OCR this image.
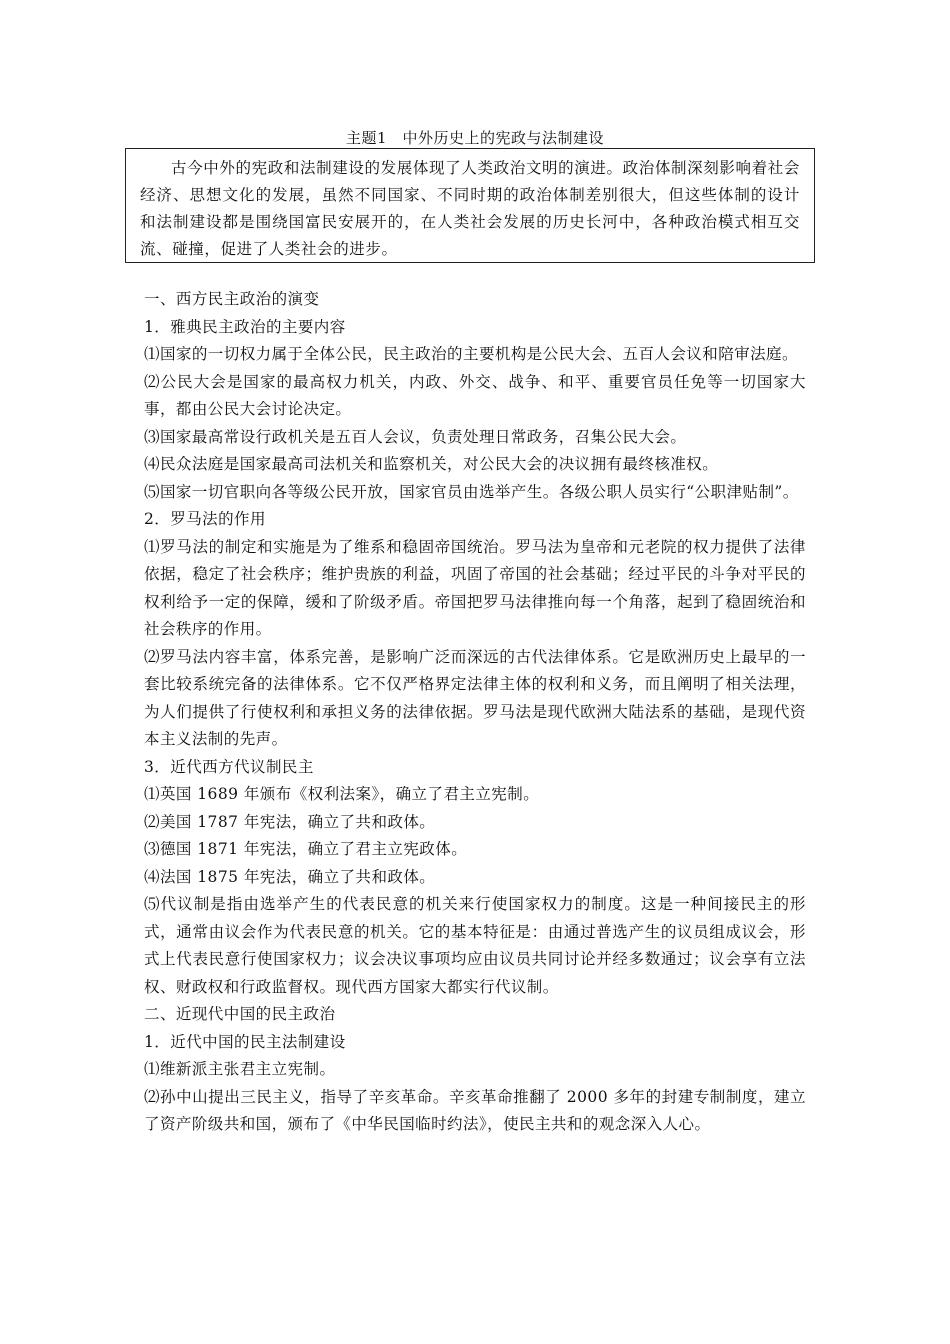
主题1　中外历史上的宪政与法制建设
古今中外的宪政和法制建设的发展体现了人类政治文明的演进。政治体制深刻影响着社会经济、思想文化的发展，虽然不同国家、不同时期的政治体制差别很大，但这些体制的设计和法制建设都是围绕国富民安展开的，在人类社会发展的历史长河中，各种政治模式相互交流、碰撞，促进了人类社会的进步。

一、西方民主政治的演变

1．雅典民主政治的主要内容

⑴国家的一切权力属于全体公民，民主政治的主要机构是公民大会、五百人会议和陪审法庭。

⑵公民大会是国家的最高权力机关，内政、外交、战争、和平、重要官员任免等一切国家大事，都由公民大会讨论决定。

⑶国家最高常设行政机关是五百人会议，负责处理日常政务，召集公民大会。

⑷民众法庭是国家最高司法机关和监察机关，对公民大会的决议拥有最终核准权。

⑸国家一切官职向各等级公民开放，国家官员由选举产生。各级公职人员实行“公职津贴制”。

2．罗马法的作用

⑴罗马法的制定和实施是为了维系和稳固帝国统治。罗马法为皇帝和元老院的权力提供了法律依据，稳定了社会秩序；维护贵族的利益，巩固了帝国的社会基础；经过平民的斗争对平民的权利给予一定的保障，缓和了阶级矛盾。帝国把罗马法律推向每一个角落，起到了稳固统治和社会秩序的作用。

⑵罗马法内容丰富，体系完善，是影响广泛而深远的古代法律体系。它是欧洲历史上最早的一套比较系统完备的法律体系。它不仅严格界定法律主体的权利和义务，而且阐明了相关法理，为人们提供了行使权利和承担义务的法律依据。罗马法是现代欧洲大陆法系的基础，是现代资本主义法制的先声。

3．近代西方代议制民主

⑴英国 1689 年颁布《权利法案》，确立了君主立宪制。

⑵美国 1787 年宪法，确立了共和政体。

⑶德国 1871 年宪法，确立了君主立宪政体。

⑷法国 1875 年宪法，确立了共和政体。

⑸代议制是指由选举产生的代表民意的机关来行使国家权力的制度。这是一种间接民主的形式，通常由议会作为代表民意的机关。它的基本特征是：由通过普选产生的议员组成议会，形式上代表民意行使国家权力；议会决议事项均应由议员共同讨论并经多数通过；议会享有立法权、财政权和行政监督权。现代西方国家大都实行代议制。

二、近现代中国的民主政治

1．近代中国的民主法制建设

⑴维新派主张君主立宪制。

⑵孙中山提出三民主义，指导了辛亥革命。辛亥革命推翻了 2000 多年的封建专制制度，建立了资产阶级共和国，颁布了《中华民国临时约法》，使民主共和的观念深入人心。
